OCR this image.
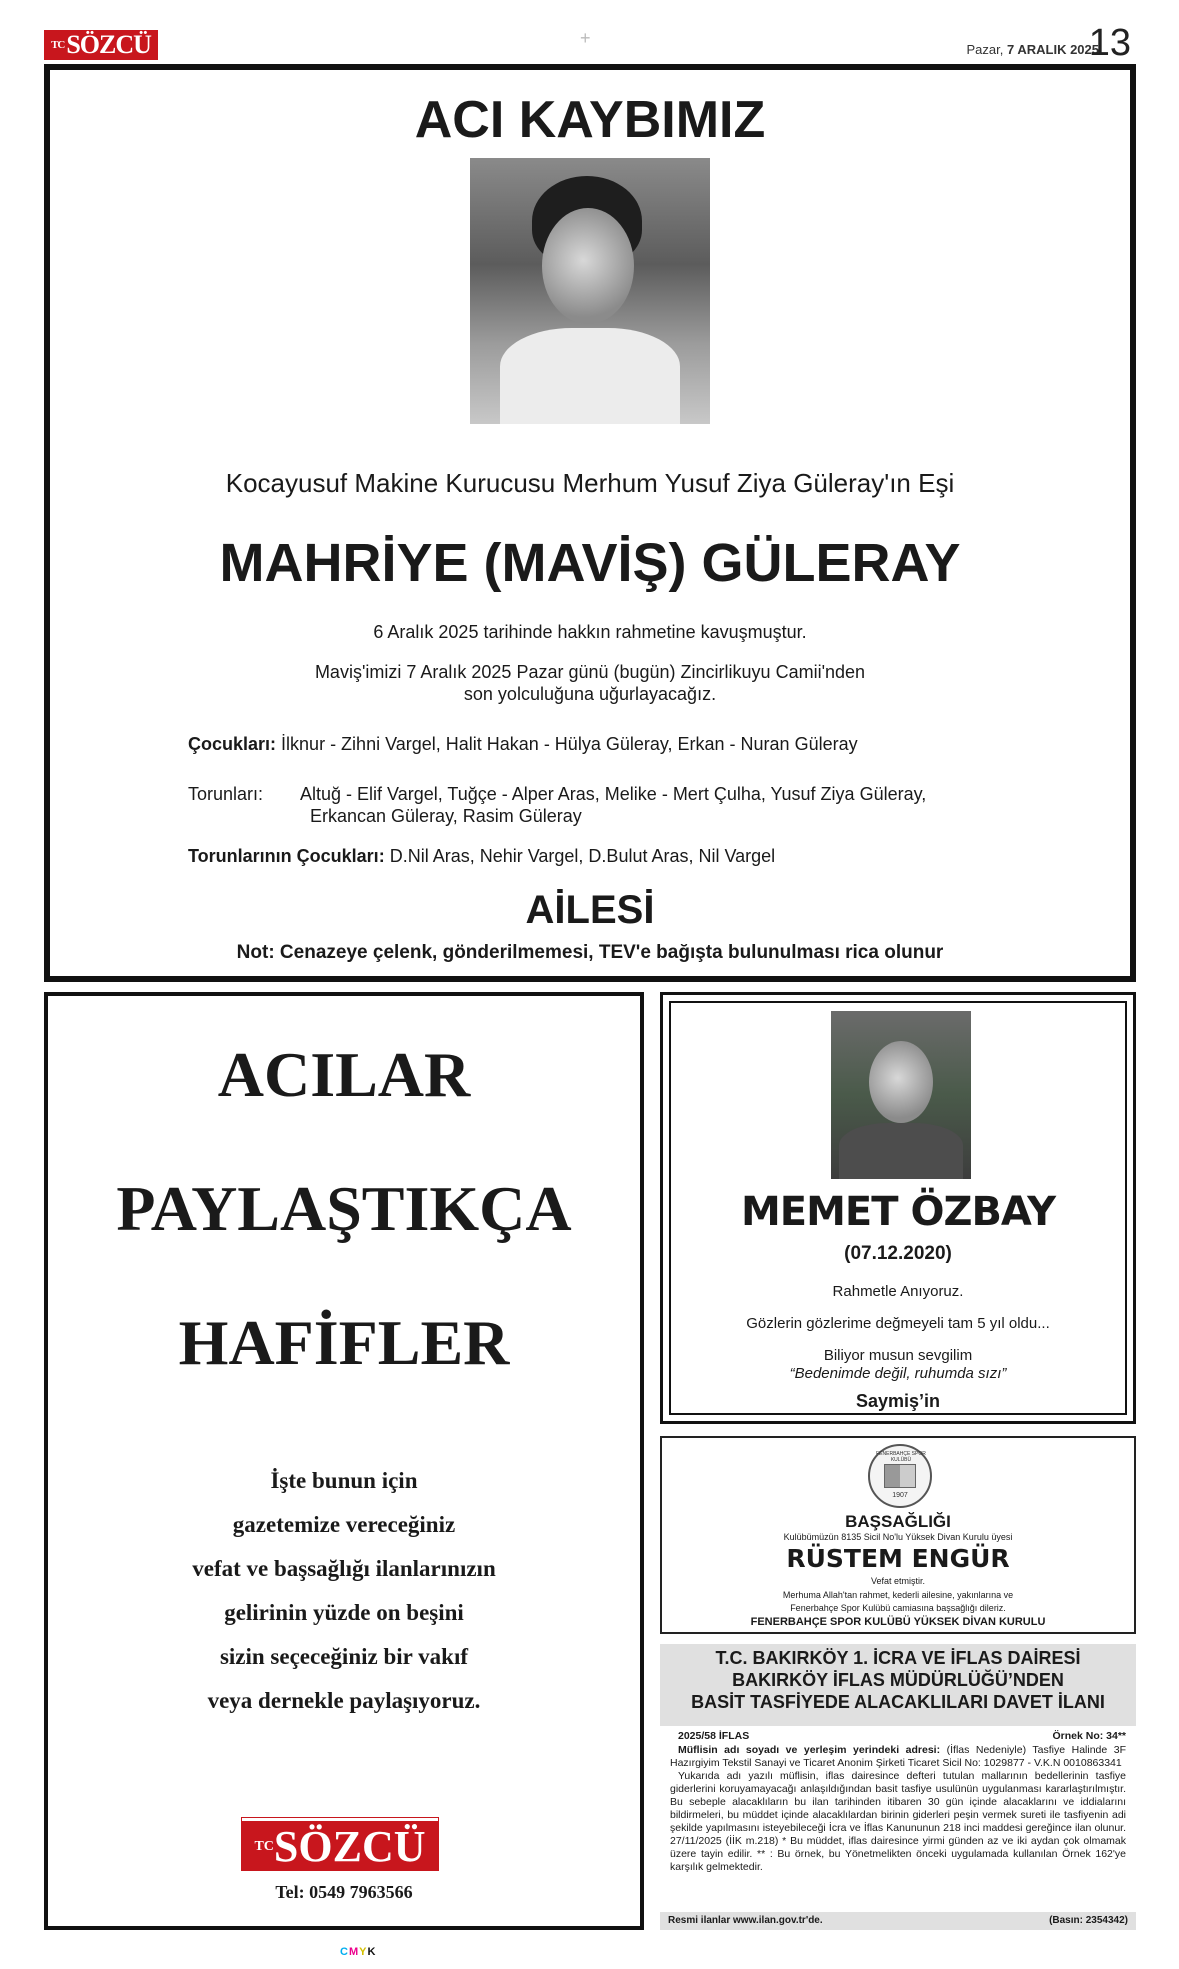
$^{TC}$SÖZCÜ	+
Pazar, 7 ARALIK 2025
13
ACI KAYBIMIZ
Kocayusuf Makine Kurucusu Merhum Yusuf Ziya Güleray'ın Eşi
MAHRİYE (MAVİŞ) GÜLERAY
6 Aralık 2025 tarihinde hakkın rahmetine kavuşmuştur.
Maviş'imizi 7 Aralık 2025 Pazar günü (bugün) Zincirlikuyu Camii'nden
son yolculuğuna uğurlayacağız.
Çocukları: İlknur - Zihni Vargel, Halit Hakan - Hülya Güleray, Erkan - Nuran Güleray
Torunları: Altuğ - Elif Vargel, Tuğçe - Alper Aras, Melike - Mert Çulha, Yusuf Ziya Güleray,
Erkancan Güleray, Rasim Güleray
Torunlarının Çocukları: D.Nil Aras, Nehir Vargel, D.Bulut Aras, Nil Vargel
AİLESİ
Not: Cenazeye çelenk, gönderilmemesi, TEV'e bağışta bulunulması rica olunur
ACILAR
PAYLAŞTIKÇA
HAFİFLER
İşte bunun için
gazetemize vereceğiniz
vefat ve başsağlığı ilanlarınızın
gelirinin yüzde on beşini
sizin seçeceğiniz bir vakıf
veya dernekle paylaşıyoruz.
$^{TC}$SÖZCÜ
Tel: 0549 7963566
MEMET ÖZBAY
(07.12.2020)
Rahmetle Anıyoruz.
Gözlerin gözlerime değmeyeli tam 5 yıl oldu...
Biliyor musun sevgilim
“Bedenimde değil, ruhumda sızı”
Saymiş’in
FENERBAHÇE SPOR KULÜBÜ
1907
BAŞSAĞLIĞI
Kulübümüzün 8135 Sicil No'lu Yüksek Divan Kurulu üyesi
RÜSTEM ENGÜR
Vefat etmiştir.
Merhuma Allah'tan rahmet, kederli ailesine, yakınlarına ve
Fenerbahçe Spor Kulübü camiasına başsağlığı dileriz.
FENERBAHÇE SPOR KULÜBÜ YÜKSEK DİVAN KURULU
T.C. BAKIRKÖY 1. İCRA VE İFLAS DAİRESİ
BAKIRKÖY İFLAS MÜDÜRLÜĞÜ’NDEN
BASİT TASFİYEDE ALACAKLILARI DAVET İLANI
2025/58 İFLAS	Örnek No: 34**

Müflisin adı soyadı ve yerleşim yerindeki adresi: (İflas Nedeniyle) Tasfiye Halinde 3F Hazırgiyim Tekstil Sanayi ve Ticaret Anonim Şirketi Ticaret Sicil No: 1029877 - V.K.N 0010863341

Yukarıda adı yazılı müflisin, iflas dairesince defteri tutulan mallarının bedellerinin tasfiye giderlerini koruyamayacağı anlaşıldığından basit tasfiye usulünün uygulanması kararlaştırılmıştır. Bu sebeple alacaklıların bu ilan tarihinden itibaren 30 gün içinde alacaklarını ve iddialarını bildirmeleri, bu müddet içinde alacaklılardan birinin giderleri peşin vermek sureti ile tasfiyenin adi şekilde yapılmasını isteyebileceği İcra ve İflas Kanununun 218 inci maddesi gereğince ilan olunur. 27/11/2025 (İİK m.218) * Bu müddet, iflas dairesince yirmi günden az ve iki aydan çok olmamak üzere tayin edilir. ** : Bu örnek, bu Yönetmelikten önceki uygulamada kullanılan Örnek 162'ye karşılık gelmektedir.

Resmi ilanlar www.ilan.gov.tr'de.	(Basın: 2354342)
CMYK
